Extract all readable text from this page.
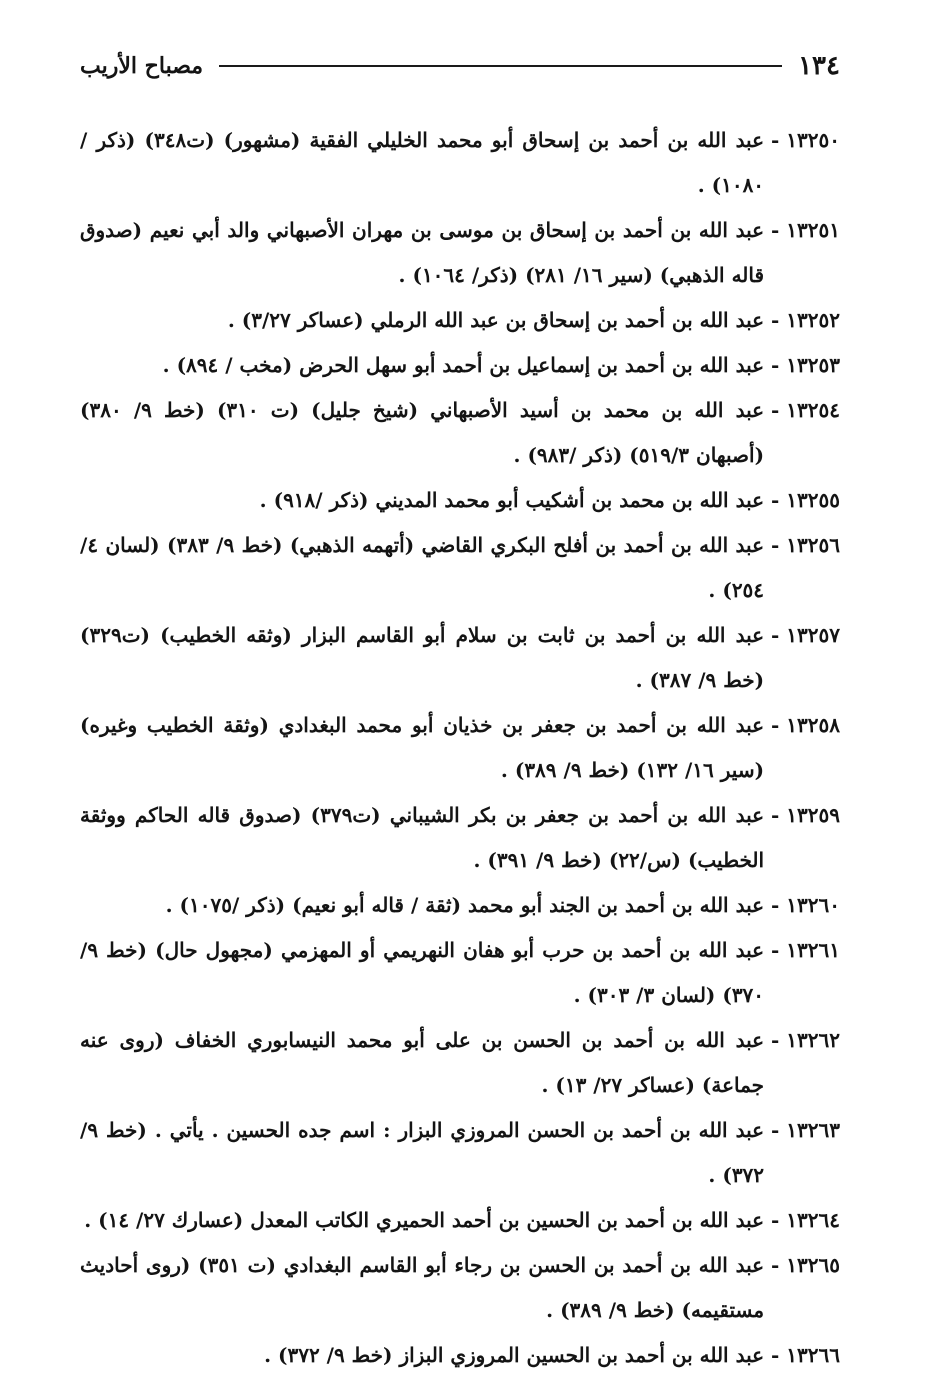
١٣٤
مصباح الأريب
١٣٢٥٠
-
عبد الله بن أحمد بن إسحاق أبو محمد الخليلي الفقية (مشهور) (ت٣٤٨) (ذكر / ١٠٨٠) .
١٣٢٥١
-
عبد الله بن أحمد بن إسحاق بن موسى بن مهران الأصبهاني والد أبي نعيم (صدوق قاله الذهبي) (سير ١٦/ ٢٨١) (ذكر/ ١٠٦٤) .
١٣٢٥٢
-
عبد الله بن أحمد بن إسحاق بن عبد الله الرملي (عساكر ٣/٢٧) .
١٣٢٥٣
-
عبد الله بن أحمد بن إسماعيل بن أحمد أبو سهل الحرض (مخب / ٨٩٤) .
١٣٢٥٤
-
عبد الله بن محمد بن أسيد الأصبهاني (شيخ جليل) (ت ٣١٠) (خط ٩/ ٣٨٠) (أصبهان ٥١٩/٣) (ذكر /٩٨٣) .
١٣٢٥٥
-
عبد الله بن محمد بن أشكيب أبو محمد المديني (ذكر /٩١٨) .
١٣٢٥٦
-
عبد الله بن أحمد بن أفلح البكري القاضي (أتهمه الذهبي) (خط ٩/ ٣٨٣) (لسان ٤/ ٢٥٤) .
١٣٢٥٧
-
عبد الله بن أحمد بن ثابت بن سلام أبو القاسم البزار (وثقه الخطيب) (ت٣٢٩) (خط ٩/ ٣٨٧) .
١٣٢٥٨
-
عبد الله بن أحمد بن جعفر بن خذيان أبو محمد البغدادي (وثقة الخطيب وغيره) (سير ١٦/ ١٣٢) (خط ٩/ ٣٨٩) .
١٣٢٥٩
-
عبد الله بن أحمد بن جعفر بن بكر الشيباني (ت٣٧٩) (صدوق قاله الحاكم ووثقة الخطيب) (س/٢٢) (خط ٩/ ٣٩١) .
١٣٢٦٠
-
عبد الله بن أحمد بن الجند أبو محمد (ثقة / قاله أبو نعيم) (ذكر /١٠٧٥) .
١٣٢٦١
-
عبد الله بن أحمد بن حرب أبو هفان النهريمي أو المهزمي (مجهول حال) (خط ٩/ ٣٧٠) (لسان ٣/ ٣٠٣) .
١٣٢٦٢
-
عبد الله بن أحمد بن الحسن بن على أبو محمد النيسابوري الخفاف (روى عنه جماعة) (عساكر ٢٧/ ١٣) .
١٣٢٦٣
-
عبد الله بن أحمد بن الحسن المروزي البزار : اسم جده الحسين . يأتي . (خط ٩/ ٣٧٢) .
١٣٢٦٤
-
عبد الله بن أحمد بن الحسين بن أحمد الحميري الكاتب المعدل (عسارك ٢٧/ ١٤) .
١٣٢٦٥
-
عبد الله بن أحمد بن الحسن بن رجاء أبو القاسم البغدادي (ت ٣٥١) (روى أحاديث مستقيمه) (خط ٩/ ٣٨٩) .
١٣٢٦٦
-
عبد الله بن أحمد بن الحسين المروزي البزاز (خط ٩/ ٣٧٢) .
